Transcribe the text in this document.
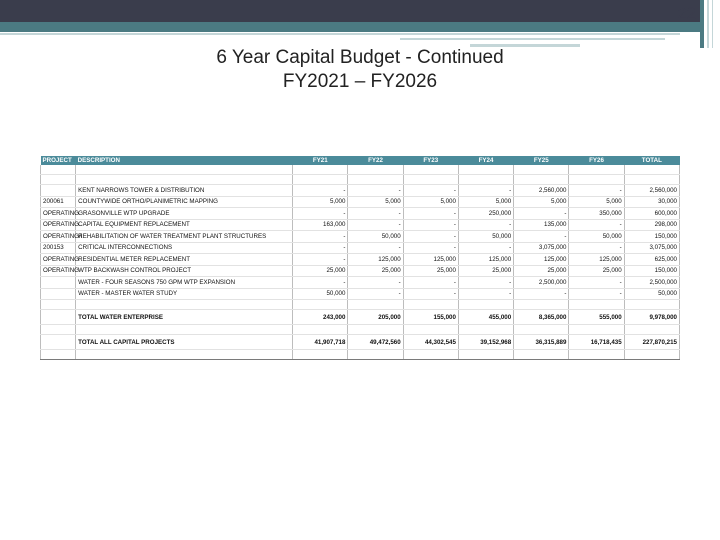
22
6 Year Capital Budget - Continued
FY2021 – FY2026
PROJECT	DESCRIPTION	FY21	FY22	FY23	FY24	FY25	FY26	TOTAL

	KENT NARROWS TOWER & DISTRIBUTION	-	-	-	-	2,560,000	-	2,560,000
200061	COUNTYWIDE ORTHO/PLANIMETRIC MAPPING	5,000	5,000	5,000	5,000	5,000	5,000	30,000
OPERATING	GRASONVILLE WTP UPGRADE	-	-	-	250,000	-	350,000	600,000
OPERATING	CAPITAL EQUIPMENT REPLACEMENT	163,000	-	-	-	135,000	-	298,000
OPERATING/I	REHABILITATION OF WATER TREATMENT PLANT STRUCTURES	-	50,000	-	50,000	-	50,000	150,000
200153	CRITICAL INTERCONNECTIONS	-	-	-	-	3,075,000	-	3,075,000
OPERATING	RESIDENTIAL METER REPLACEMENT	-	125,000	125,000	125,000	125,000	125,000	625,000
OPERATING	WTP BACKWASH CONTROL PROJECT	25,000	25,000	25,000	25,000	25,000	25,000	150,000
	WATER - FOUR SEASONS 750 GPM WTP EXPANSION	-	-	-	-	2,500,000	-	2,500,000
	WATER - MASTER WATER STUDY	50,000	-	-	-	-	-	50,000

	TOTAL WATER ENTERPRISE	243,000	205,000	155,000	455,000	8,365,000	555,000	9,978,000

	TOTAL ALL CAPITAL PROJECTS	41,907,718	49,472,560	44,302,545	39,152,968	36,315,889	16,718,435	227,870,215
